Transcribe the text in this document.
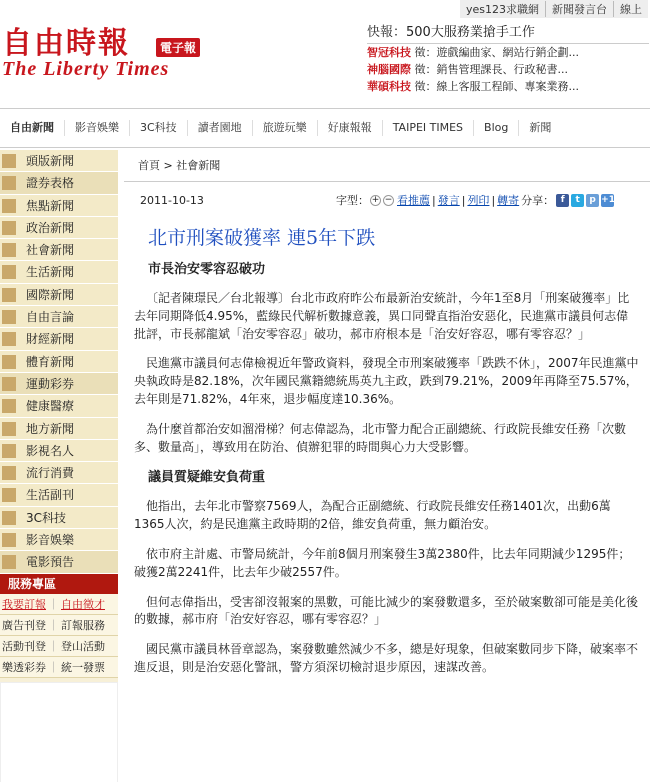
自由時報	電子報
The Liberty Times
yes123求職網	新聞發言台	線上
快報：500大服務業搶手工作
智冠科技 徵：遊戲編曲家、網站行銷企劃...
神腦國際 徵：銷售管理課長、行政秘書...
華碩科技 徵：線上客服工程師、專案業務...
自由新聞	影音娛樂	3C科技	讀者園地	旅遊玩樂	好康報報	TAIPEI TIMES	Blog	新聞
頭版新聞
證券表格
焦點新聞
政治新聞
社會新聞
生活新聞
國際新聞
自由言論
財經新聞
體育新聞
運動彩券
健康醫療
地方新聞
影視名人
流行消費
生活副刊
3C科技
影音娛樂
電影預告
服務專區
我要訂報 ｜ 自由徵才
廣告刊登 ｜ 訂報服務
活動刊登 ｜ 登山活動
樂透彩券 ｜ 統一發票
首頁 > 社會新聞
2011-10-13	字型： + − 看推薦 | 發言 | 列印 | 轉寄 分享： f	t	p +1
北市刑案破獲率 連5年下跌
市長治安零容忍破功

〔記者陳璟民／台北報導〕台北市政府昨公布最新治安統計，今年1至8月「刑案破獲率」比去年同期降低4.95%，藍綠民代解析數據意義，異口同聲直指治安惡化，民進黨市議員何志偉批評，市長郝龍斌「治安零容忍」破功，郝市府根本是「治安好容忍，哪有零容忍？」

民進黨市議員何志偉檢視近年警政資料，發現全市刑案破獲率「跌跌不休」，2007年民進黨中央執政時是82.18%，次年國民黨籍總統馬英九主政，跌到79.21%，2009年再降至75.57%，去年則是71.82%，4年來，退步幅度達10.36%。

為什麼首都治安如溜滑梯？何志偉認為，北市警力配合正副總統、行政院長維安任務「次數多、數量高」，導致用在防治、偵辦犯罪的時間與心力大受影響。

議員質疑維安負荷重

他指出，去年北市警察7569人，為配合正副總統、行政院長維安任務1401次，出動6萬1365人次，約是民進黨主政時期的2倍，維安負荷重，無力顧治安。

依市府主計處、市警局統計，今年前8個月刑案發生3萬2380件，比去年同期減少1295件；破獲2萬2241件，比去年少破2557件。

但何志偉指出，受害卻沒報案的黑數，可能比減少的案發數還多，至於破案數卻可能是美化後的數據，郝市府「治安好容忍，哪有零容忍？」

國民黨市議員林晉章認為，案發數雖然減少不多，總是好現象，但破案數同步下降，破案率不進反退，則是治安惡化警訊，警方須深切檢討退步原因，速謀改善。
